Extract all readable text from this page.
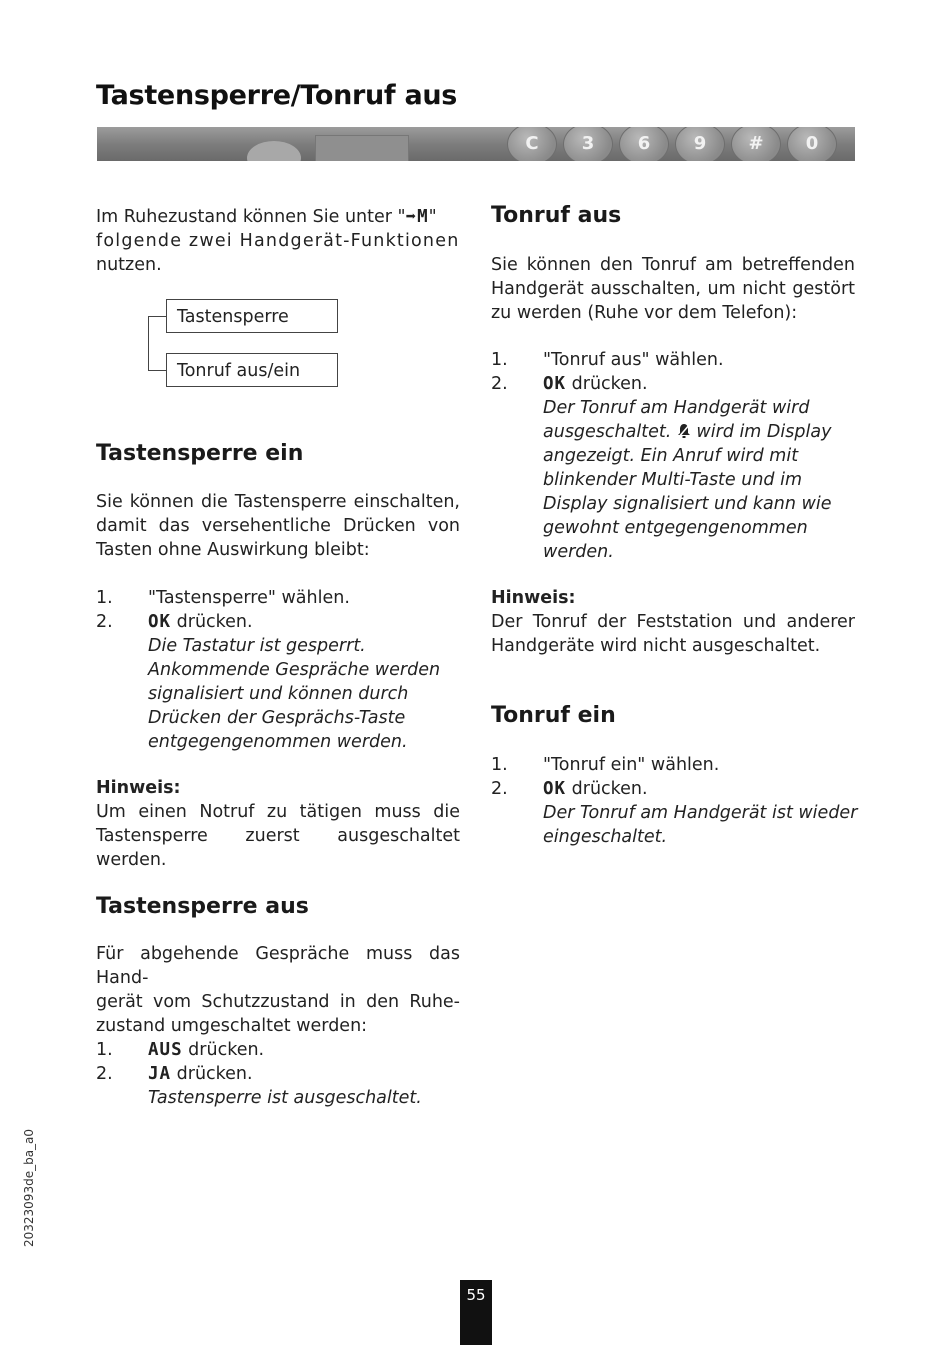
Tastensperre/Tonruf aus
C	3	6	9	#	0

Im Ruhezustand können Sie unter "➡M"

folgende zwei Handgerät-Funktionen

nutzen.

Tastensperre
Tonruf aus/ein
Tastensperre ein

Sie können die Tastensperre einschalten, damit das versehentliche Drücken von Tasten ohne Auswirkung bleibt:

1. "Tastensperre" wählen.
2. OK drücken.
Die Tastatur ist gesperrt.
Ankommende Gespräche werden
signalisiert und können durch
Drücken der Gesprächs-Taste
entgegengenommen werden.

Hinweis:

Um einen Notruf zu tätigen muss die Tastensperre zuerst ausgeschaltet werden.

Tastensperre aus

Für abgehende Gespräche muss das Hand-

gerät vom Schutzzustand in den Ruhe-

zustand umgeschaltet werden:

1. AUS drücken.
2. JA drücken.
Tastensperre ist ausgeschaltet.
Tonruf aus

Sie können den Tonruf am betreffenden Handgerät ausschalten, um nicht gestört zu werden (Ruhe vor dem Telefon):

1. "Tonruf aus" wählen.
2. OK drücken.
Der Tonruf am Handgerät wird
ausgeschaltet.  wird im Display
angezeigt. Ein Anruf wird mit
blinkender Multi-Taste und im
Display signalisiert und kann wie
gewohnt entgegengenommen
werden.

Hinweis:

Der Tonruf der Feststation und anderer Handgeräte wird nicht ausgeschaltet.

Tonruf ein
1. "Tonruf ein" wählen.
2. OK drücken.
Der Tonruf am Handgerät ist wieder
eingeschaltet.
20323093de_ba_a0
55
